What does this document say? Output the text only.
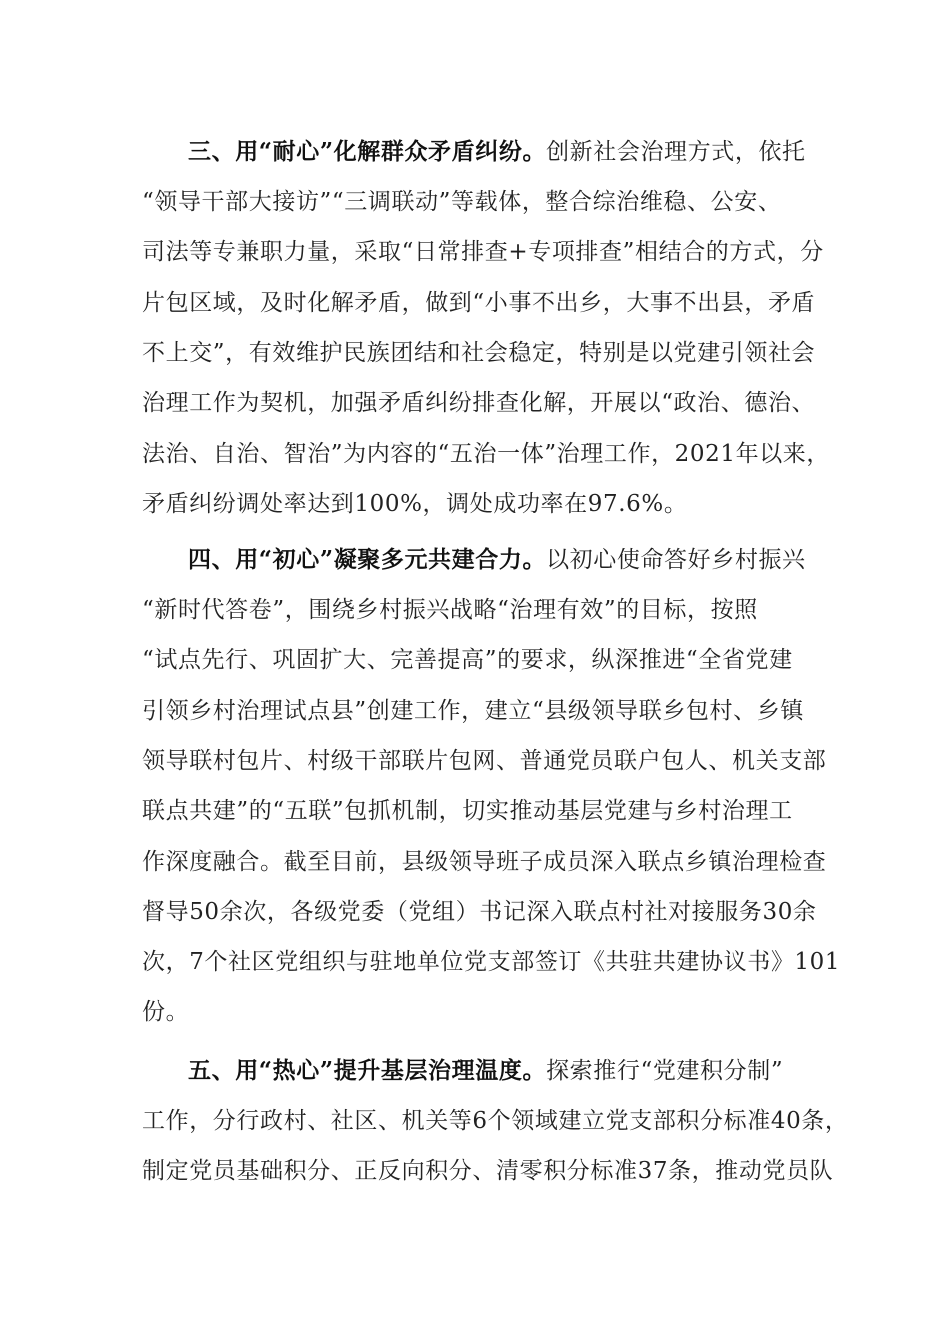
三、用“耐心”化解群众矛盾纠纷。创新社会治理方式，依托
“领导干部大接访”“三调联动”等载体，整合综治维稳、公安、
司法等专兼职力量，采取“日常排查+专项排查”相结合的方式，分
片包区域，及时化解矛盾，做到“小事不出乡，大事不出县，矛盾
不上交”，有效维护民族团结和社会稳定，特别是以党建引领社会
治理工作为契机，加强矛盾纠纷排查化解，开展以“政治、德治、
法治、自治、智治”为内容的“五治一体”治理工作，2021年以来，
矛盾纠纷调处率达到100%，调处成功率在97.6%。
四、用“初心”凝聚多元共建合力。以初心使命答好乡村振兴
“新时代答卷”，围绕乡村振兴战略“治理有效”的目标，按照
“试点先行、巩固扩大、完善提高”的要求，纵深推进“全省党建
引领乡村治理试点县”创建工作，建立“县级领导联乡包村、乡镇
领导联村包片、村级干部联片包网、普通党员联户包人、机关支部
联点共建”的“五联”包抓机制，切实推动基层党建与乡村治理工
作深度融合。截至目前，县级领导班子成员深入联点乡镇治理检查
督导50余次，各级党委（党组）书记深入联点村社对接服务30余
次，7个社区党组织与驻地单位党支部签订《共驻共建协议书》101
份。
五、用“热心”提升基层治理温度。探索推行“党建积分制”
工作，分行政村、社区、机关等6个领域建立党支部积分标准40条，
制定党员基础积分、正反向积分、清零积分标准37条，推动党员队
